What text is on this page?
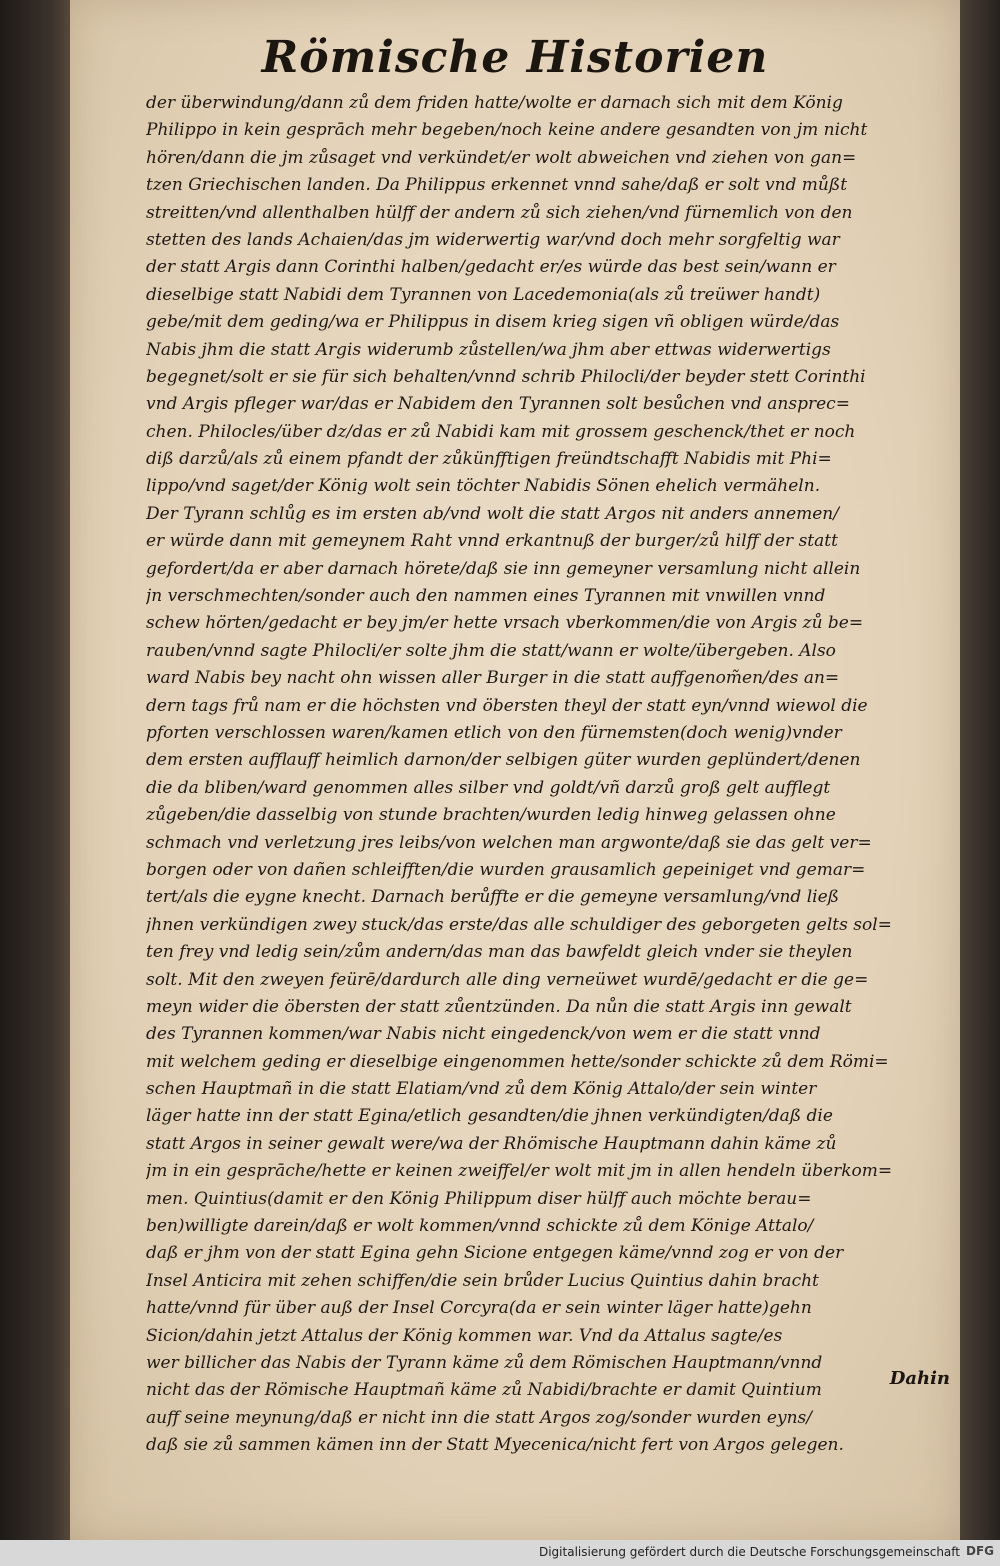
Römische Historien
der überwindung/dann zů dem friden hatte/wolte er darnach sich mit dem König
Philippo in kein gesprāch mehr begeben/noch keine andere gesandten von jm nicht
hören/dann die jm zůsaget vnd verkündet/er wolt abweichen vnd ziehen von gan=
tzen Griechischen landen. Da Philippus erkennet vnnd sahe/daß er solt vnd můßt
streitten/vnd allenthalben hülff der andern zů sich ziehen/vnd fürnemlich von den
stetten des lands Achaien/das jm widerwertig war/vnd doch mehr sorgfeltig war
der statt Argis dann Corinthi halben/gedacht er/es würde das best sein/wann er
dieselbige statt Nabidi dem Tyrannen von Lacedemonia(als zů treüwer handt)
gebe/mit dem geding/wa er Philippus in disem krieg sigen vñ obligen würde/das
Nabis jhm die statt Argis widerumb zůstellen/wa jhm aber ettwas widerwertigs
begegnet/solt er sie für sich behalten/vnnd schrib Philocli/der beyder stett Corinthi
vnd Argis pfleger war/das er Nabidem den Tyrannen solt besůchen vnd ansprec=
chen. Philocles/über dz/das er zů Nabidi kam mit grossem geschenck/thet er noch
diß darzů/als zů einem pfandt der zůkünfftigen freündtschafft Nabidis mit Phi=
lippo/vnd saget/der König wolt sein töchter Nabidis Sönen ehelich vermäheln.
Der Tyrann schlůg es im ersten ab/vnd wolt die statt Argos nit anders annemen/
er würde dann mit gemeynem Raht vnnd erkantnuß der burger/zů hilff der statt
gefordert/da er aber darnach hörete/daß sie inn gemeyner versamlung nicht allein
jn verschmechten/sonder auch den nammen eines Tyrannen mit vnwillen vnnd
schew hörten/gedacht er bey jm/er hette vrsach vberkommen/die von Argis zů be=
rauben/vnnd sagte Philocli/er solte jhm die statt/wann er wolte/übergeben. Also
ward Nabis bey nacht ohn wissen aller Burger in die statt auffgenom̃en/des an=
dern tags frů nam er die höchsten vnd öbersten theyl der statt eyn/vnnd wiewol die
pforten verschlossen waren/kamen etlich von den fürnemsten(doch wenig)vnder
dem ersten aufflauff heimlich darnon/der selbigen güter wurden geplündert/denen
die da bliben/ward genommen alles silber vnd goldt/vñ darzů groß gelt aufflegt
zůgeben/die dasselbig von stunde brachten/wurden ledig hinweg gelassen ohne
schmach vnd verletzung jres leibs/von welchen man argwonte/daß sie das gelt ver=
borgen oder von dañen schleifften/die wurden grausamlich gepeiniget vnd gemar=
tert/als die eygne knecht. Darnach berůffte er die gemeyne versamlung/vnd ließ
jhnen verkündigen zwey stuck/das erste/das alle schuldiger des geborgeten gelts sol=
ten frey vnd ledig sein/zům andern/das man das bawfeldt gleich vnder sie theylen
solt. Mit den zweyen feürē/dardurch alle ding verneüwet wurdē/gedacht er die ge=
meyn wider die öbersten der statt zůentzünden. Da nůn die statt Argis inn gewalt
des Tyrannen kommen/war Nabis nicht eingedenck/von wem er die statt vnnd
mit welchem geding er dieselbige eingenommen hette/sonder schickte zů dem Römi=
schen Hauptmañ in die statt Elatiam/vnd zů dem König Attalo/der sein winter
läger hatte inn der statt Egina/etlich gesandten/die jhnen verkündigten/daß die
statt Argos in seiner gewalt were/wa der Rhömische Hauptmann dahin käme zů
jm in ein gesprāche/hette er keinen zweiffel/er wolt mit jm in allen hendeln überkom=
men. Quintius(damit er den König Philippum diser hülff auch möchte berau=
ben)willigte darein/daß er wolt kommen/vnnd schickte zů dem Könige Attalo/
daß er jhm von der statt Egina gehn Sicione entgegen käme/vnnd zog er von der
Insel Anticira mit zehen schiffen/die sein brůder Lucius Quintius dahin bracht
hatte/vnnd für über auß der Insel Corcyra(da er sein winter läger hatte)gehn
Sicion/dahin jetzt Attalus der König kommen war. Vnd da Attalus sagte/es
wer billicher das Nabis der Tyrann käme zů dem Römischen Hauptmann/vnnd
nicht das der Römische Hauptmañ käme zů Nabidi/brachte er damit Quintium
auff seine meynung/daß er nicht inn die statt Argos zog/sonder wurden eyns/
daß sie zů sammen kämen inn der Statt Myecenica/nicht fert von Argos gelegen.
Dahin
Digitalisierung gefördert durch die Deutsche Forschungsgemeinschaft DFG
